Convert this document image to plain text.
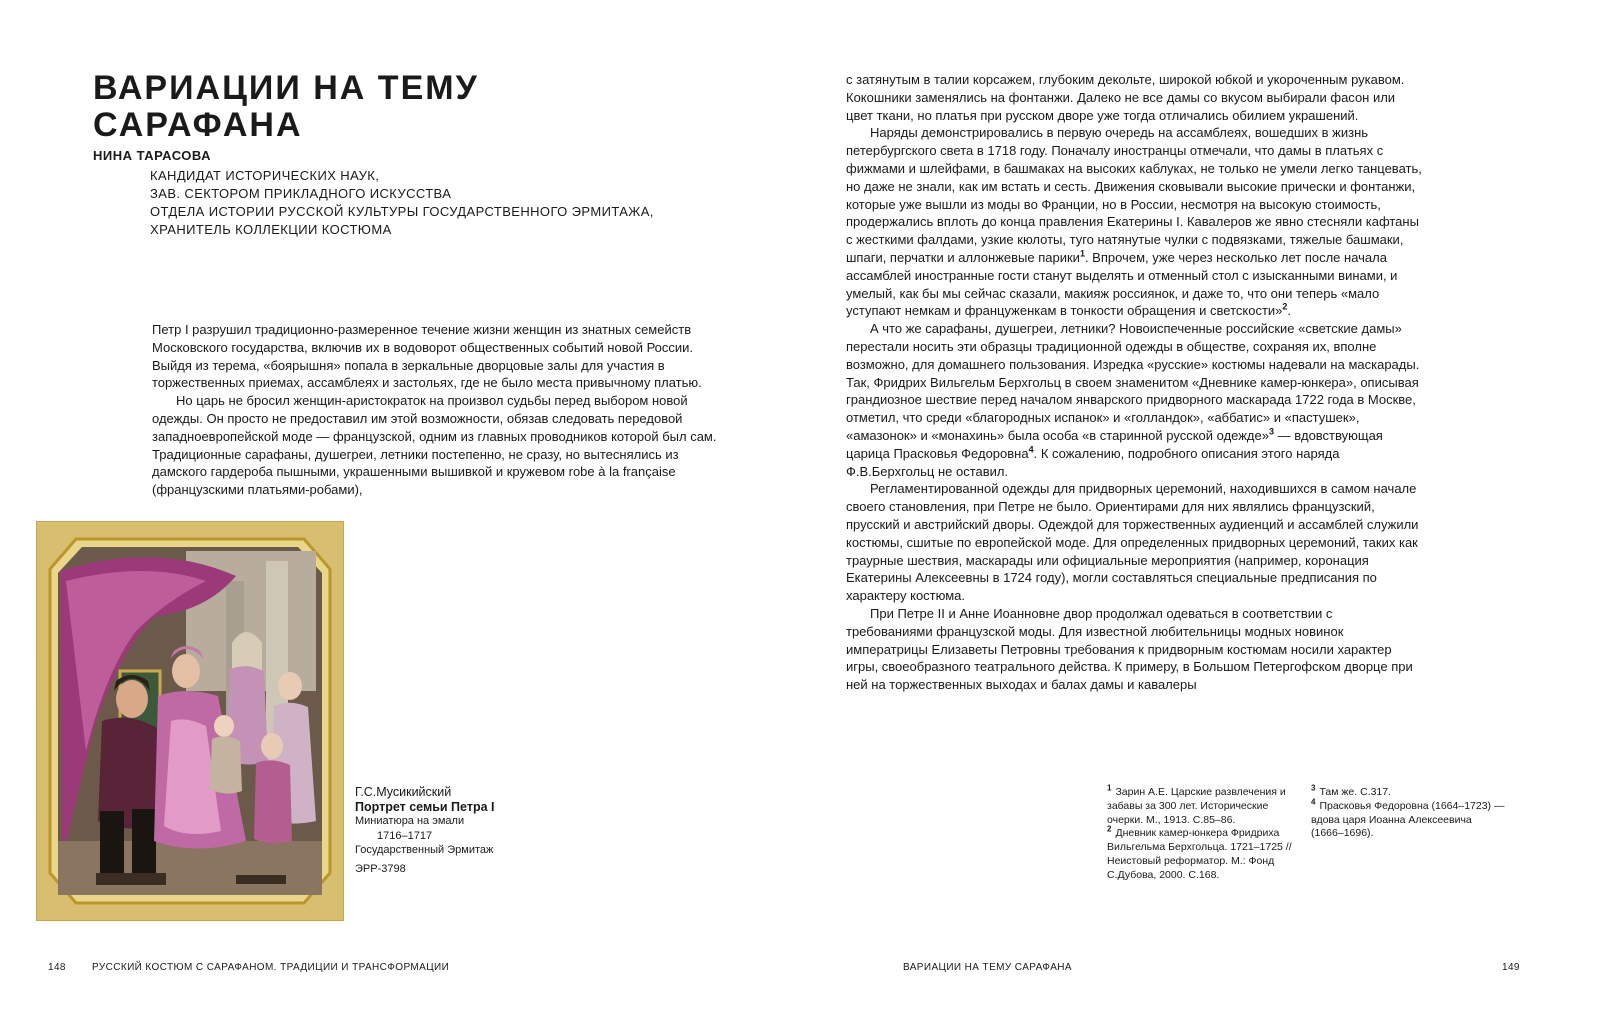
ВАРИАЦИИ НА ТЕМУ
САРАФАНА

НИНА ТАРАСОВА

КАНДИДАТ ИСТОРИЧЕСКИХ НАУК,
ЗАВ. СЕКТОРОМ ПРИКЛАДНОГО ИСКУССТВА
ОТДЕЛА ИСТОРИИ РУССКОЙ КУЛЬТУРЫ ГОСУДАРСТВЕННОГО ЭРМИТАЖА,
ХРАНИТЕЛЬ КОЛЛЕКЦИИ КОСТЮМА

Петр I разрушил традиционно-размеренное течение жизни женщин из знатных семейств Московского государства, включив их в водоворот общественных событий новой России. Выйдя из терема, «боярышня» попала в зеркальные дворцовые залы для участия в торжественных приемах, ассамблеях и застольях, где не было места привычному платью.

Но царь не бросил женщин-аристократок на произвол судьбы перед выбором новой одежды. Он просто не предоставил им этой возможности, обязав следовать передовой западноевропейской моде — французской, одним из главных проводников которой был сам. Традиционные сарафаны, душегреи, летники постепенно, не сразу, но вытеснялись из дамского гардероба пышными, украшенными вышивкой и кружевом robe à la française (французскими платьями-робами),

Г.С.Мусикийский
Портрет семьи Петра I
Миниатюра на эмали
1716–1717
Государственный Эрмитаж
ЭРР-3798

с затянутым в талии корсажем, глубоким декольте, широкой юбкой и укороченным рукавом. Кокошники заменялись на фонтанжи. Далеко не все дамы со вкусом выбирали фасон или цвет ткани, но платья при русском дворе уже тогда отличались обилием украшений.

Наряды демонстрировались в первую очередь на ассамблеях, вошедших в жизнь петербургского света в 1718 году. Поначалу иностранцы отмечали, что дамы в платьях с фижмами и шлейфами, в башмаках на высоких каблуках, не только не умели легко танцевать, но даже не знали, как им встать и сесть. Движения сковывали высокие прически и фонтанжи, которые уже вышли из моды во Франции, но в России, несмотря на высокую стоимость, продержались вплоть до конца правления Екатерины I. Кавалеров же явно стесняли кафтаны с жесткими фалдами, узкие кюлоты, туго натянутые чулки с подвязками, тяжелые башмаки, шпаги, перчатки и аллонжевые парики$^1$. Впрочем, уже через несколько лет после начала ассамблей иностранные гости станут выделять и отменный стол с изысканными винами, и умелый, как бы мы сейчас сказали, макияж россиянок, и даже то, что они теперь «мало уступают немкам и француженкам в тонкости обращения и светскости»$^2$.

А что же сарафаны, душегреи, летники? Новоиспеченные российские «светские дамы» перестали носить эти образцы традиционной одежды в обществе, сохраняя их, вполне возможно, для домашнего пользования. Изредка «русские» костюмы надевали на маскарады. Так, Фридрих Вильгельм Берхгольц в своем знаменитом «Дневнике камер-юнкера», описывая грандиозное шествие перед началом январского придворного маскарада 1722 года в Москве, отметил, что среди «благородных испанок» и «голландок», «аббатис» и «пастушек», «амазонок» и «монахинь» была особа «в старинной русской одежде»$^3$ — вдовствующая царица Прасковья Федоровна$^4$. К сожалению, подробного описания этого наряда Ф.В.Берхгольц не оставил.

Регламентированной одежды для придворных церемоний, находившихся в самом начале своего становления, при Петре не было. Ориентирами для них являлись французский, прусский и австрийский дворы. Одеждой для торжественных аудиенций и ассамблей служили костюмы, сшитые по европейской моде. Для определенных придворных церемоний, таких как траурные шествия, маскарады или официальные мероприятия (например, коронация Екатерины Алексеевны в 1724 году), могли составляться специальные предписания по характеру костюма.

При Петре II и Анне Иоанновне двор продолжал одеваться в соответствии с требованиями французской моды. Для известной любительницы модных новинок императрицы Елизаветы Петровны требования к придворным костюмам носили характер игры, своеобразного театрального действа. К примеру, в Большом Петергофском дворце при ней на торжественных выходах и балах дамы и кавалеры

$^1$ Зарин А.Е. Царские развлечения и забавы за 300 лет. Исторические очерки. М., 1913. С.85–86.

$^2$ Дневник камер-юнкера Фридриха Вильгельма Берхгольца. 1721–1725 // Неистовый реформатор. М.: Фонд С.Дубова, 2000. С.168.

$^3$ Там же. С.317.

$^4$ Прасковья Федоровна (1664–1723) — вдова царя Иоанна Алексеевича (1666–1696).

148	РУССКИЙ КОСТЮМ С САРАФАНОМ. ТРАДИЦИИ И ТРАНСФОРМАЦИИ	ВАРИАЦИИ НА ТЕМУ САРАФАНА	149
